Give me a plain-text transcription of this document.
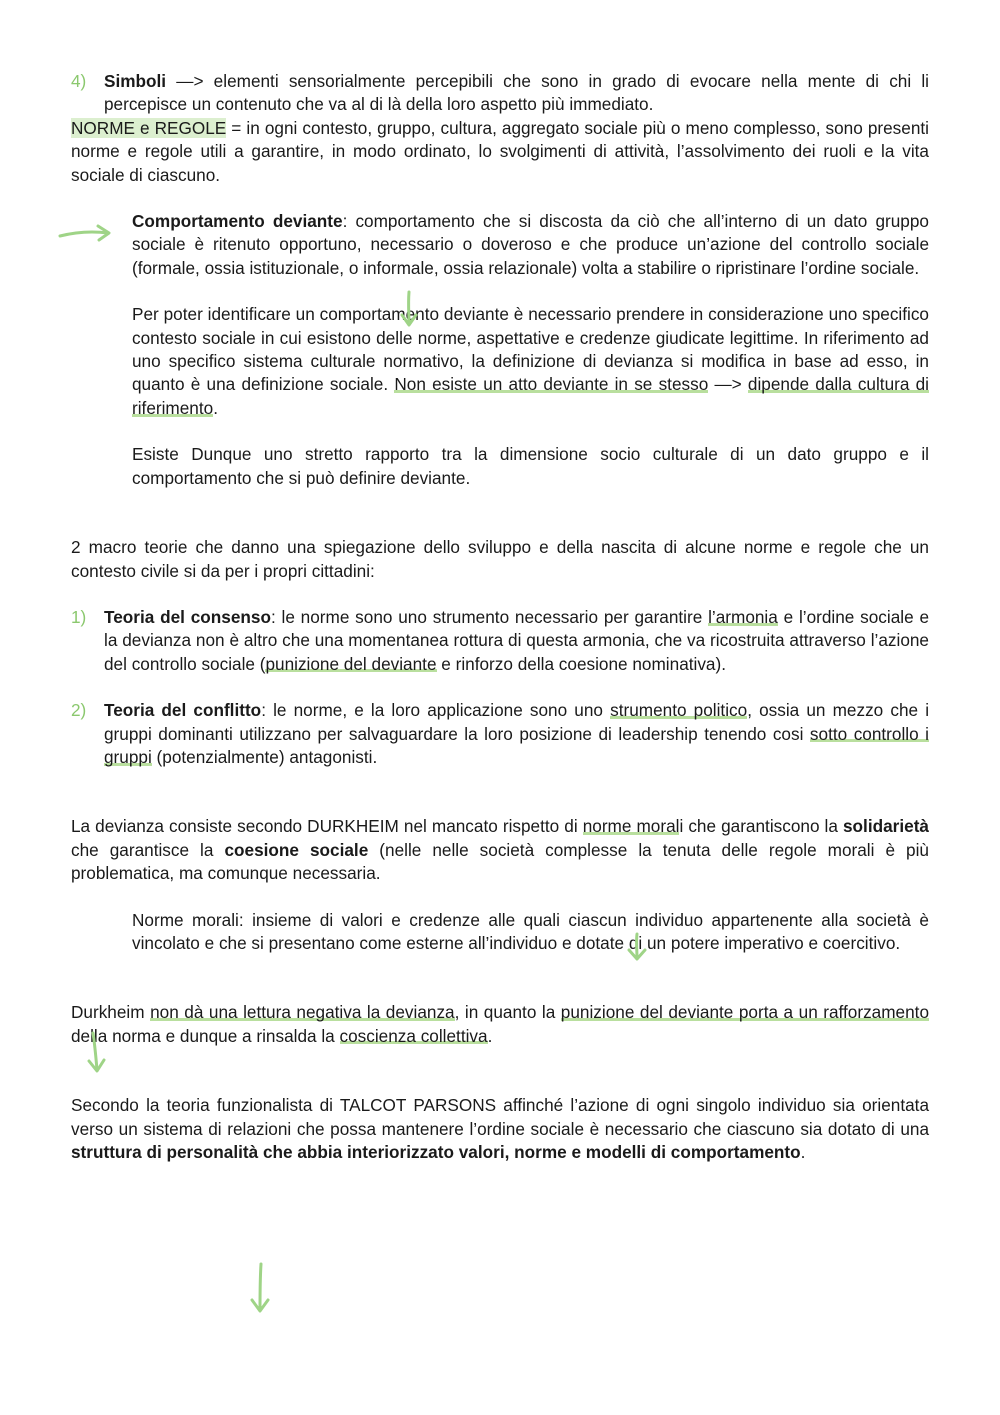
4) Simboli —> elementi sensorialmente percepibili che sono in grado di evocare nella mente di chi li percepisce un contenuto che va al di là della loro aspetto più immediato.

NORME e REGOLE = in ogni contesto, gruppo, cultura, aggregato sociale più o meno complesso, sono presenti norme e regole utili a garantire, in modo ordinato, lo svolgimenti di attività, l’assolvimento dei ruoli e la vita sociale di ciascuno.

Comportamento deviante: comportamento che si discosta da ciò che all’interno di un dato gruppo sociale è ritenuto opportuno, necessario o doveroso e che produce un’azione del controllo sociale (formale, ossia istituzionale, o informale, ossia relazionale) volta a stabilire o ripristinare l’ordine sociale.

Per poter identificare un comportamento deviante è necessario prendere in considerazione uno specifico contesto sociale in cui esistono delle norme, aspettative e credenze giudicate legittime. In riferimento ad uno specifico sistema culturale normativo, la definizione di devianza si modifica in base ad esso, in quanto è una definizione sociale. Non esiste un atto deviante in se stesso —> dipende dalla cultura di riferimento.

Esiste Dunque uno stretto rapporto tra la dimensione socio culturale di un dato gruppo e il comportamento che si può definire deviante.

2 macro teorie che danno una spiegazione dello sviluppo e della nascita di alcune norme e regole che un contesto civile si da per i propri cittadini:

1) Teoria del consenso: le norme sono uno strumento necessario per garantire l’armonia e l’ordine sociale e la devianza non è altro che una momentanea rottura di questa armonia, che va ricostruita attraverso l’azione del controllo sociale (punizione del deviante e rinforzo della coesione nominativa).
2) Teoria del conflitto: le norme, e la loro applicazione sono uno strumento politico, ossia un mezzo che i gruppi dominanti utilizzano per salvaguardare la loro posizione di leadership tenendo cosi sotto controllo i gruppi (potenzialmente) antagonisti.

La devianza consiste secondo DURKHEIM nel mancato rispetto di norme morali che garantiscono la solidarietà che garantisce la coesione sociale (nelle nelle società complesse la tenuta delle regole morali è più problematica, ma comunque necessaria.

Norme morali: insieme di valori e credenze alle quali ciascun individuo appartenente alla società è vincolato e che si presentano come esterne all’individuo e dotate di un potere imperativo e coercitivo.

Durkheim non dà una lettura negativa la devianza, in quanto la punizione del deviante porta a un rafforzamento della norma e dunque a rinsalda la coscienza collettiva.

Secondo la teoria funzionalista di TALCOT PARSONS affinché l’azione di ogni singolo individuo sia orientata verso un sistema di relazioni che possa mantenere l’ordine sociale è necessario che ciascuno sia dotato di una struttura di personalità che abbia interiorizzato valori, norme e modelli di comportamento.
